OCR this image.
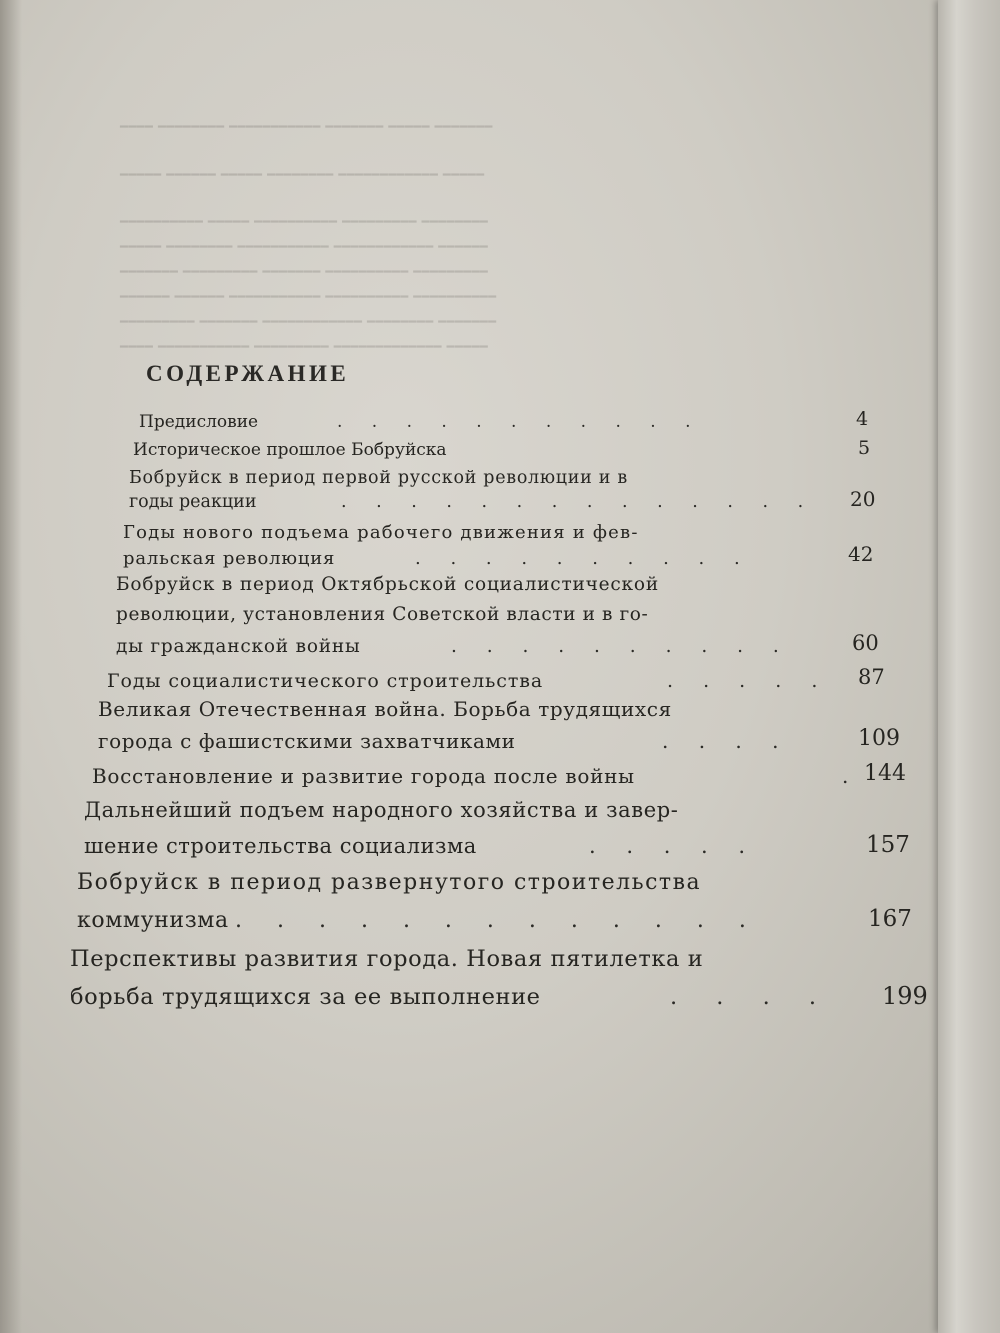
━━━━ ━━━━━━━━ ━━━━━━━━━━━ ━━━━━━━ ━━━━━ ━━━━━━━
━━━━━ ━━━━━━ ━━━━━ ━━━━━━━━ ━━━━━━━━━━━━ ━━━━━
━━━━━━━━━━ ━━━━━ ━━━━━━━━━━ ━━━━━━━━━ ━━━━━━━━
━━━━━ ━━━━━━━━ ━━━━━━━━━━━ ━━━━━━━━━━━━ ━━━━━━
━━━━━━━ ━━━━━━━━━ ━━━━━━━ ━━━━━━━━━━ ━━━━━━━━━
━━━━━━ ━━━━━━ ━━━━━━━━━━━ ━━━━━━━━━━ ━━━━━━━━━━
━━━━━━━━━ ━━━━━━━ ━━━━━━━━━━━━ ━━━━━━━━ ━━━━━━━
━━━━ ━━━━━━━━━━━ ━━━━━━━━━ ━━━━━━━━━━━━━ ━━━━━
СОДЕРЖАНИЕ
Предисловие	. . . . . . . . . . .	4
Историческое прошлое Бобруйска	5
Бобруйск в период первой русской революции и в
годы реакции	. . . . . . . . . . . . . . 20
Годы нового подъема рабочего движения и фев-
ральская революция	. . . . . . . . . .	42
Бобруйск в период Октябрьской социалистической
революции, установления Советской власти и в го-
ды гражданской войны	. . . . . . . . . .	60
Годы социалистического строительства	. . . . . 87
Великая Отечественная война. Борьба трудящихся
города с фашистскими захватчиками	. . . .	109
Восстановление и развитие города после войны	. 144
Дальнейший подъем народного хозяйства и завер-
шение строительства социализма	. . . . .	157
Бобруйск в период развернутого строительства
коммунизма . . . . . . . . . . . . .	167
Перспективы развития города. Новая пятилетка и
борьба трудящихся за ее выполнение	. . . . 199
